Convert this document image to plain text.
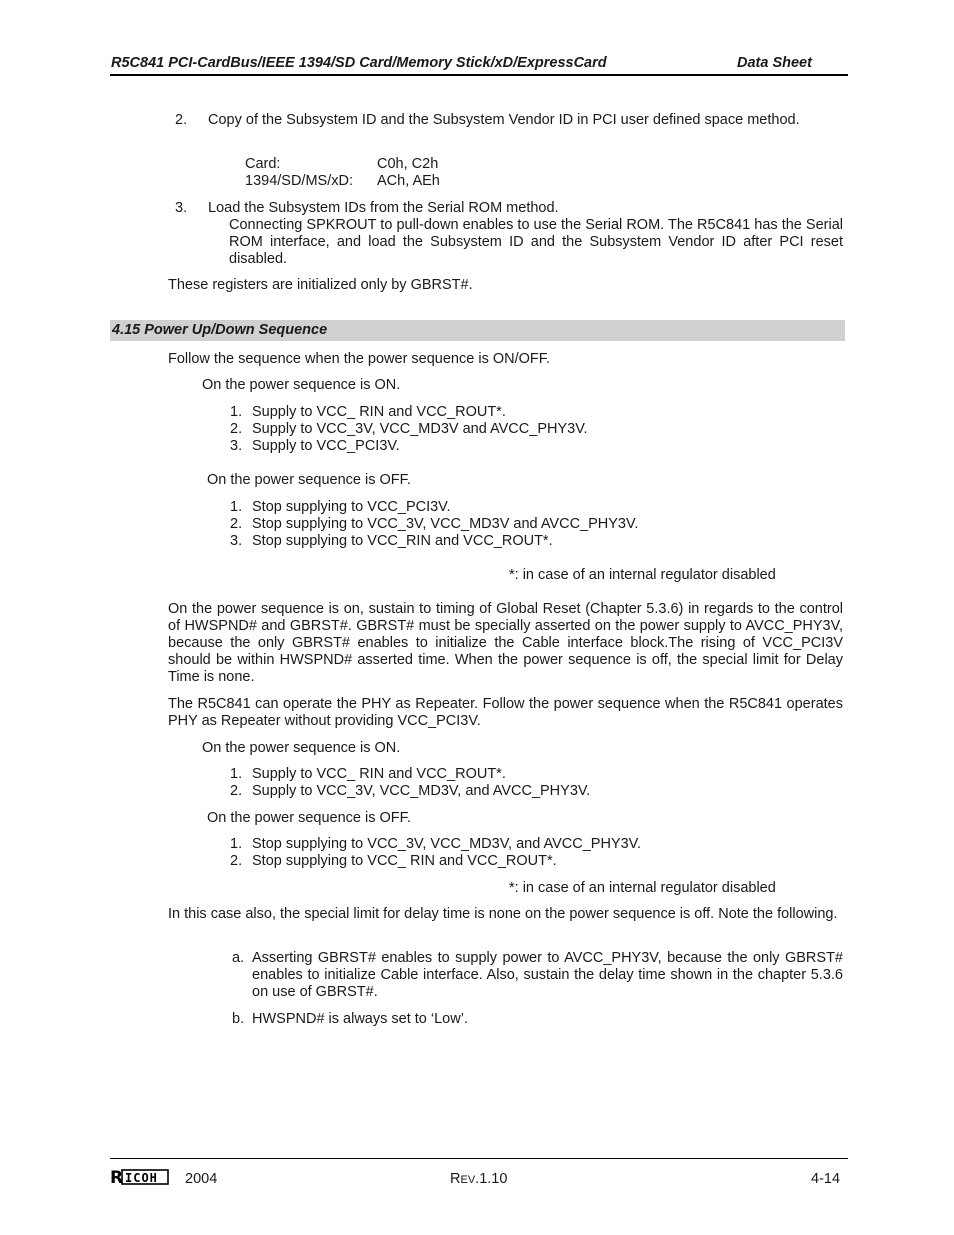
R5C841 PCI-CardBus/IEEE 1394/SD Card/Memory Stick/xD/ExpressCard	Data Sheet
2.	Copy of the Subsystem ID and the Subsystem Vendor ID in PCI user defined space method.
Card:	C0h, C2h
1394/SD/MS/xD: ACh, AEh
3.	Load the Subsystem IDs from the Serial ROM method.
Connecting SPKROUT to pull-down enables to use the Serial ROM. The R5C841 has the Serial ROM interface, and load the Subsystem ID and the Subsystem Vendor ID after PCI reset disabled.
These registers are initialized only by GBRST#.
4.15 Power Up/Down Sequence
Follow the sequence when the power sequence is ON/OFF.
On the power sequence is ON.
1. Supply to VCC_ RIN and VCC_ROUT*.
2. Supply to VCC_3V, VCC_MD3V and AVCC_PHY3V.
3. Supply to VCC_PCI3V.
On the power sequence is OFF.
1. Stop supplying to VCC_PCI3V.
2. Stop supplying to VCC_3V, VCC_MD3V and AVCC_PHY3V.
3. Stop supplying to VCC_RIN and VCC_ROUT*.
*: in case of an internal regulator disabled
On the power sequence is on, sustain to timing of Global Reset (Chapter 5.3.6) in regards to the control of HWSPND# and GBRST#. GBRST# must be specially asserted on the power supply to AVCC_PHY3V, because the only GBRST# enables to initialize the Cable interface block.The rising of VCC_PCI3V should be within HWSPND# asserted time. When the power sequence is off, the special limit for Delay Time is none.
The R5C841 can operate the PHY as Repeater. Follow the power sequence when the R5C841 operates PHY as Repeater without providing VCC_PCI3V.
On the power sequence is ON.
1. Supply to VCC_ RIN and VCC_ROUT*.
2. Supply to VCC_3V, VCC_MD3V, and AVCC_PHY3V.
On the power sequence is OFF.
1. Stop supplying to VCC_3V, VCC_MD3V, and AVCC_PHY3V.
2. Stop supplying to VCC_ RIN and VCC_ROUT*.
*: in case of an internal regulator disabled
In this case also, the special limit for delay time is none on the power sequence is off. Note the following.
a. Asserting GBRST# enables to supply power to AVCC_PHY3V, because the only GBRST# enables to initialize Cable interface. Also, sustain the delay time shown in the chapter 5.3.6 on use of GBRST#.
b. HWSPND# is always set to ‘Low’.
R ICOH 2004	REV.1.10	4-14
